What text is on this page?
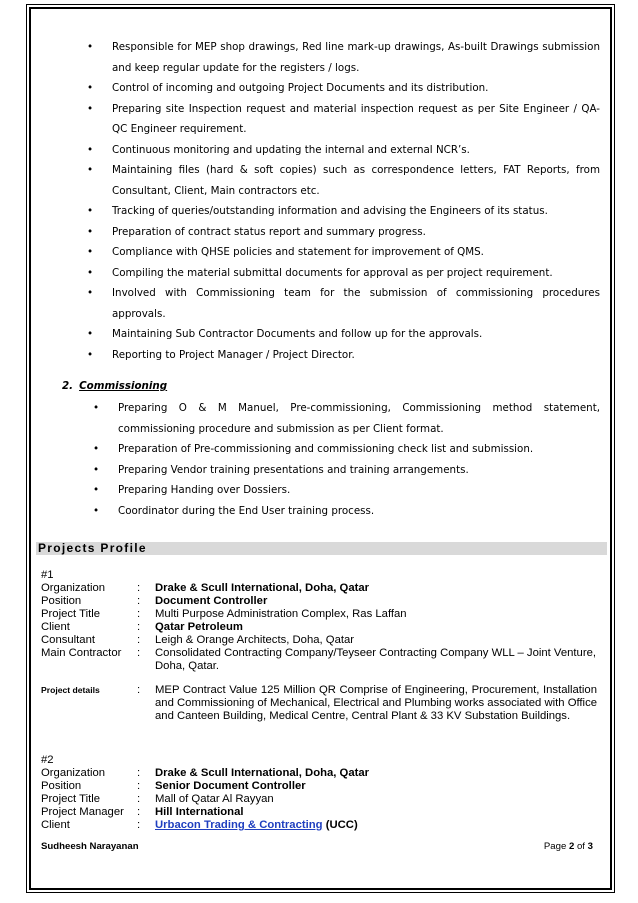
• Responsible for MEP shop drawings, Red line mark-up drawings, As-built Drawings submission and keep regular update for the registers / logs.
• Control of incoming and outgoing Project Documents and its distribution.
• Preparing site Inspection request and material inspection request as per Site Engineer / QA-QC Engineer requirement.
• Continuous monitoring and updating the internal and external NCR’s.
• Maintaining files (hard & soft copies) such as correspondence letters, FAT Reports, from Consultant, Client, Main contractors etc.
• Tracking of queries/outstanding information and advising the Engineers of its status.
• Preparation of contract status report and summary progress.
• Compliance with QHSE policies and statement for improvement of QMS.
• Compiling the material submittal documents for approval as per project requirement.
• Involved with Commissioning team for the submission of commissioning procedures approvals.
• Maintaining Sub Contractor Documents and follow up for the approvals.
• Reporting to Project Manager / Project Director.
2. Commissioning
• Preparing O & M Manuel, Pre-commissioning, Commissioning method statement, commissioning procedure and submission as per Client format.
• Preparation of Pre-commissioning and commissioning check list and submission.
• Preparing Vendor training presentations and training arrangements.
• Preparing Handing over Dossiers.
• Coordinator during the End User training process.
Projects Profile
#1
Organization	:	Drake & Scull International, Doha, Qatar
Position	:	Document Controller
Project Title	:	Multi Purpose Administration Complex, Ras Laffan
Client	:	Qatar Petroleum
Consultant	:	Leigh & Orange Architects, Doha, Qatar
Main Contractor	:	Consolidated Contracting Company/Teyseer Contracting Company WLL – Joint Venture, Doha, Qatar.
Project details	:	MEP Contract Value 125 Million QR Comprise of Engineering, Procurement, Installation and Commissioning of Mechanical, Electrical and Plumbing works associated with Office and Canteen Building, Medical Centre, Central Plant & 33 KV Substation Buildings.
#2
Organization	:	Drake & Scull International, Doha, Qatar
Position	:	Senior Document Controller
Project Title	:	Mall of Qatar Al Rayyan
Project Manager	:	Hill International
Client	:	Urbacon Trading & Contracting (UCC)
Sudheesh Narayanan	Page 2 of 3
